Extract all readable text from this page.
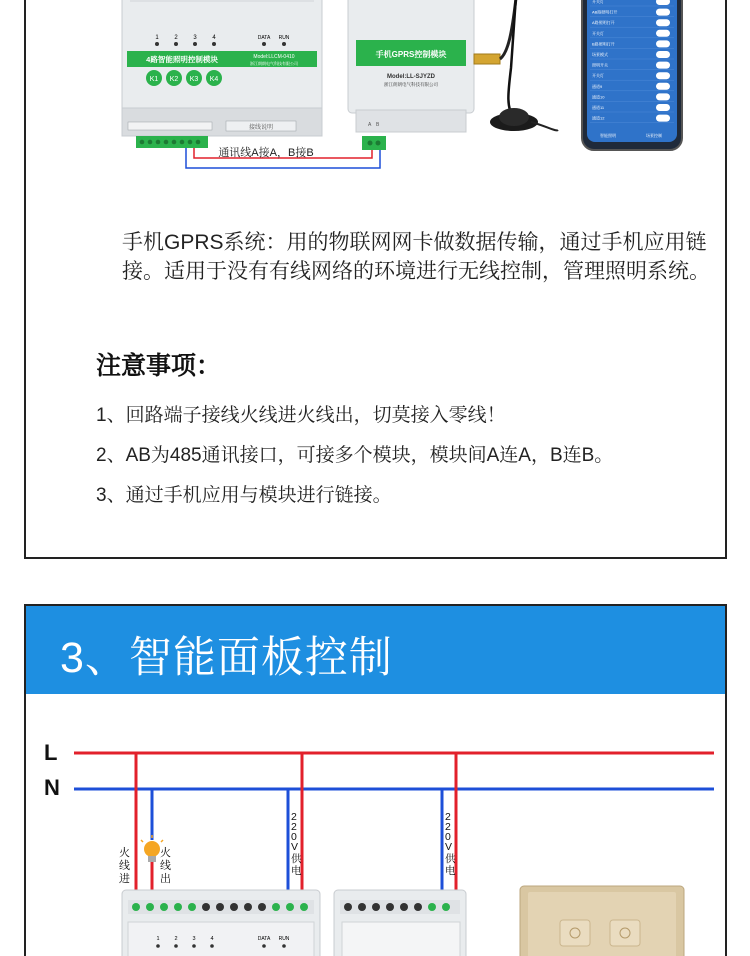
1	2	3	4	DATA RUN
4路智能照明控制模块	Model:LLCM-0410
浙江朗朗电气科技有限公司
K1 K2 K3 K4
接线说明
手机GPRS控制模块
Model:LL-SJYZD
浙江朗朗电气科技有限公司
A B
开关灯
AB路照明打开
A路照明打开
开关灯
B路照明打开
场景模式
照明开关
开关灯
通道9
通道10
通道11
通道12
智能照明	场景控制
通讯线A接A，B接B

手机GPRS系统：用的物联网网卡做数据传输，通过手机应用链接。适用于没有有线网络的环境进行无线控制，管理照明系统。

注意事项：
1、回路端子接线火线进火线出，切莫接入零线！
2、AB为485通讯接口，可接多个模块，模块间A连A，B连B。
3、通过手机应用与模块进行链接。
3、智能面板控制
L
N
火
线
进
火
线
出
2
2
0
V
供
电
2
2
0
V
供
电
1	2	3	4	DATA RUN
